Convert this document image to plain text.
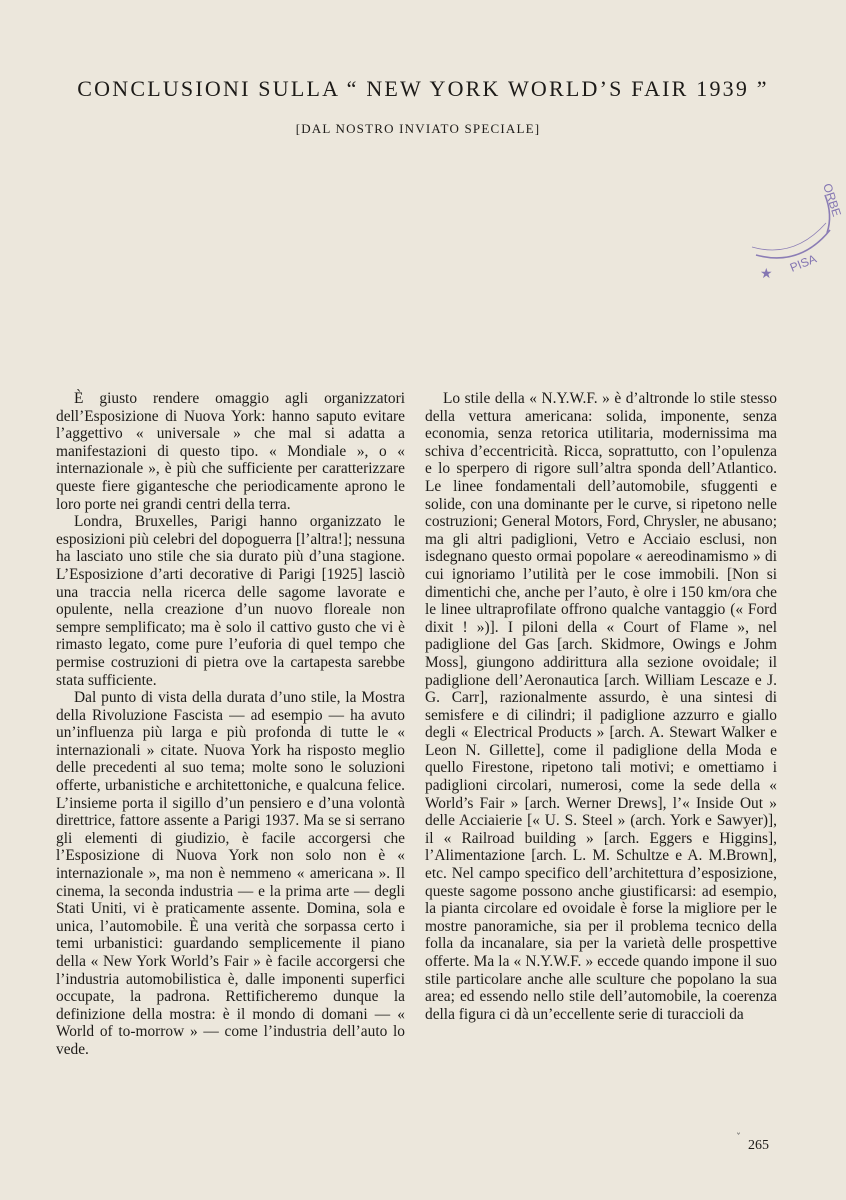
CONCLUSIONI SULLA “ NEW YORK WORLD’S FAIR 1939 ”
[DAL NOSTRO INVIATO SPECIALE]
ORBE
PISA
★

È giusto rendere omaggio agli organizzatori dell’Esposizione di Nuova York: hanno saputo evitare l’aggettivo « universale » che mal si adatta a manifestazioni di questo tipo. « Mondiale », o « internazionale », è più che sufficiente per caratterizzare queste fiere gigantesche che periodicamente aprono le loro porte nei grandi centri della terra.

Londra, Bruxelles, Parigi hanno organizzato le esposizioni più celebri del dopoguerra [l’altra!]; nessuna ha lasciato uno stile che sia durato più d’una stagione. L’Esposizione d’arti decorative di Parigi [1925] lasciò una traccia nella ricerca delle sagome lavorate e opulente, nella creazione d’un nuovo floreale non sempre semplificato; ma è solo il cattivo gusto che vi è rimasto legato, come pure l’euforia di quel tempo che permise costruzioni di pietra ove la cartapesta sarebbe stata sufficiente.

Dal punto di vista della durata d’uno stile, la Mostra della Rivoluzione Fascista — ad esempio — ha avuto un’influenza più larga e più profonda di tutte le « internazionali » citate. Nuova York ha risposto meglio delle precedenti al suo tema; molte sono le soluzioni offerte, urbanistiche e architettoniche, e qualcuna felice. L’insieme porta il sigillo d’un pensiero e d’una volontà direttrice, fattore assente a Parigi 1937. Ma se si serrano gli elementi di giudizio, è facile accorgersi che l’Esposizione di Nuova York non solo non è « internazionale », ma non è nemmeno « americana ». Il cinema, la seconda industria — e la prima arte — degli Stati Uniti, vi è praticamente assente. Domina, sola e unica, l’automobile. È una verità che sorpassa certo i temi urbanistici: guardando semplicemente il piano della « New York World’s Fair » è facile accorgersi che l’industria automobilistica è, dalle imponenti superfici occupate, la padrona. Rettificheremo dunque la definizione della mostra: è il mondo di domani — « World of to-morrow » — come l’industria dell’auto lo vede.

Lo stile della « N.Y.W.F. » è d’altronde lo stile stesso della vettura americana: solida, imponente, senza economia, senza retorica utilitaria, modernissima ma schiva d’eccentricità. Ricca, soprattutto, con l’opulenza e lo sperpero di rigore sull’altra sponda dell’Atlantico. Le linee fondamentali dell’automobile, sfuggenti e solide, con una dominante per le curve, si ripetono nelle costruzioni; General Motors, Ford, Chrysler, ne abusano; ma gli altri padiglioni, Vetro e Acciaio esclusi, non isdegnano questo ormai popolare « aereodinamismo » di cui ignoriamo l’utilità per le cose immobili. [Non si dimentichi che, anche per l’auto, è olre i 150 km/ora che le linee ultraprofilate offrono qualche vantaggio (« Ford dixit ! »)]. I piloni della « Court of Flame », nel padiglione del Gas [arch. Skidmore, Owings e Johm Moss], giungono addirittura alla sezione ovoidale; il padiglione dell’Aeronautica [arch. William Lescaze e J. G. Carr], razionalmente assurdo, è una sintesi di semisfere e di cilindri; il padiglione azzurro e giallo degli « Electrical Products » [arch. A. Stewart Walker e Leon N. Gillette], come il padiglione della Moda e quello Firestone, ripetono tali motivi; e omettiamo i padiglioni circolari, numerosi, come la sede della « World’s Fair » [arch. Werner Drews], l’« Inside Out » delle Acciaierie [« U. S. Steel » (arch. York e Sawyer)], il « Railroad building » [arch. Eggers e Higgins], l’Alimentazione [arch. L. M. Schultze e A. M.Brown], etc. Nel campo specifico dell’architettura d’esposizione, queste sagome possono anche giustificarsi: ad esempio, la pianta circolare ed ovoidale è forse la migliore per le mostre panoramiche, sia per il problema tecnico della folla da incanalare, sia per la varietà delle prospettive offerte. Ma la « N.Y.W.F. » eccede quando impone il suo stile particolare anche alle sculture che popolano la sua area; ed essendo nello stile dell’automobile, la coerenza della figura ci dà un’eccellente serie di turaccioli da

ˇ 265
